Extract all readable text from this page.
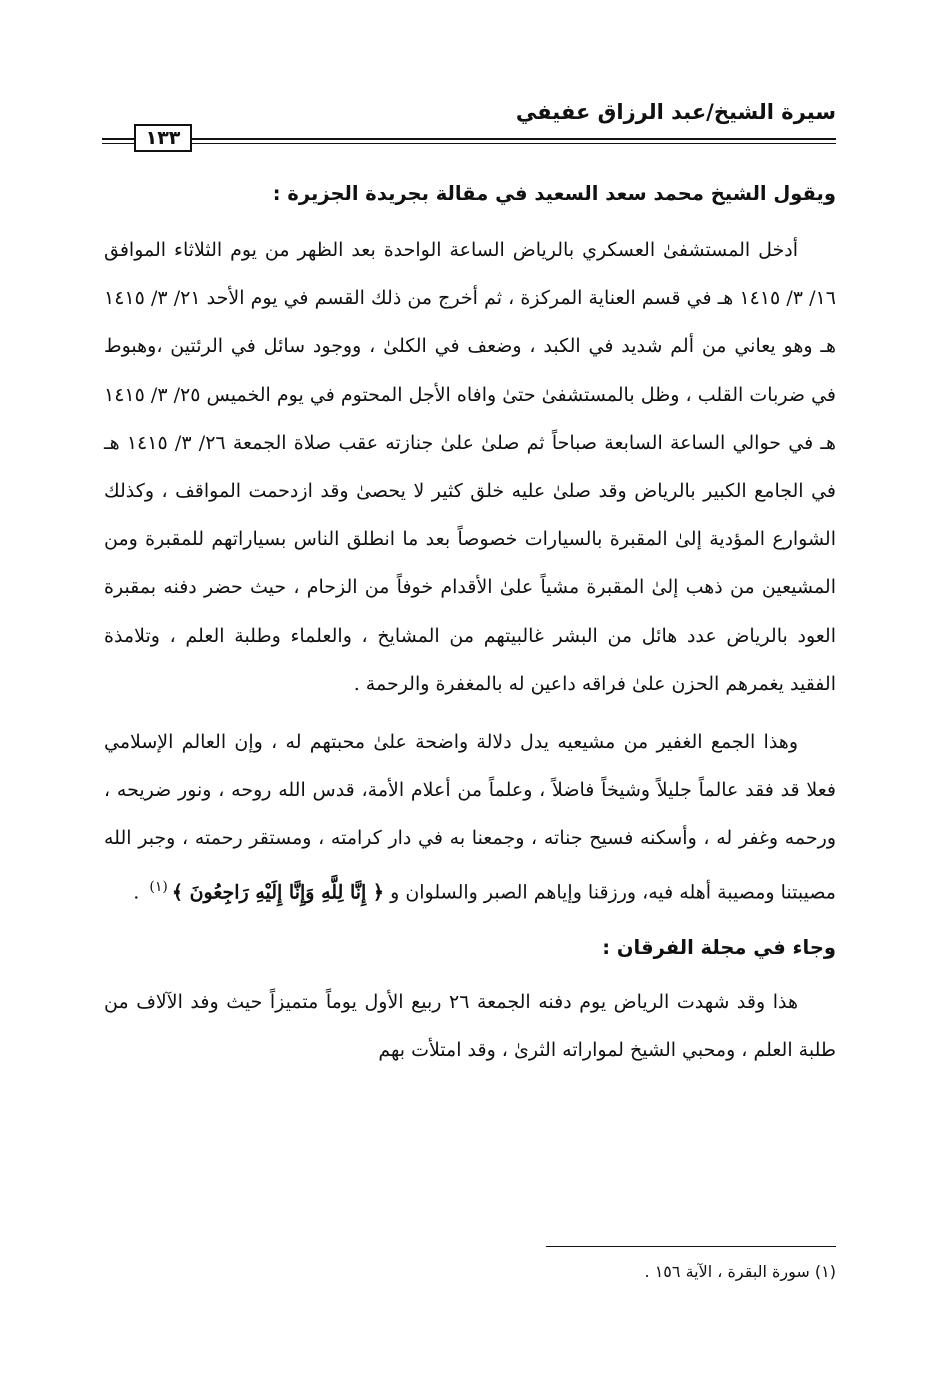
سيرة الشيخ/عبد الرزاق عفيفي
١٣٣

ويقول الشيخ محمد سعد السعيد في مقالة بجريدة الجزيرة :

أدخل المستشفىٰ العسكري بالرياض الساعة الواحدة بعد الظهر من يوم الثلاثاء الموافق ١٦/ ٣/ ١٤١٥ هـ في قسم العناية المركزة ، ثم أخرج من ذلك القسم في يوم الأحد ٢١/ ٣/ ١٤١٥ هـ وهو يعاني من ألم شديد في الكبد ، وضعف في الكلىٰ ، ووجود سائل في الرئتين ،وهبوط في ضربات القلب ، وظل بالمستشفىٰ حتىٰ وافاه الأجل المحتوم في يوم الخميس ٢٥/ ٣/ ١٤١٥ هـ في حوالي الساعة السابعة صباحاً ثم صلىٰ علىٰ جنازته عقب صلاة الجمعة ٢٦/ ٣/ ١٤١٥ هـ في الجامع الكبير بالرياض وقد صلىٰ عليه خلق كثير لا يحصىٰ وقد ازدحمت المواقف ، وكذلك الشوارع المؤدية إلىٰ المقبرة بالسيارات خصوصاً بعد ما انطلق الناس بسياراتهم للمقبرة ومن المشيعين من ذهب إلىٰ المقبرة مشياً علىٰ الأقدام خوفاً من الزحام ، حيث حضر دفنه بمقبرة العود بالرياض عدد هائل من البشر غالبيتهم من المشايخ ، والعلماء وطلبة العلم ، وتلامذة الفقيد يغمرهم الحزن علىٰ فراقه داعين له بالمغفرة والرحمة .

وهذا الجمع الغفير من مشيعيه يدل دلالة واضحة علىٰ محبتهم له ، وإن العالم الإسلامي فعلا قد فقد عالماً جليلاً وشيخاً فاضلاً ، وعلماً من أعلام الأمة، قدس الله روحه ، ونور ضريحه ، ورحمه وغفر له ، وأسكنه فسيح جناته ، وجمعنا به في دار كرامته ، ومستقر رحمته ، وجبر الله مصيبتنا ومصيبة أهله فيه، ورزقنا وإياهم الصبر والسلوان و ﴿ إِنَّا لِلَّهِ وَإِنَّا إِلَيْهِ رَاجِعُونَ ﴾$^{(١)}$ .

وجاء في مجلة الفرقان :

هذا وقد شهدت الرياض يوم دفنه الجمعة ٢٦ ربيع الأول يوماً متميزاً حيث وفد الآلاف من طلبة العلم ، ومحبي الشيخ لمواراته الثرىٰ ، وقد امتلأت بهم

(١) سورة البقرة ، الآية ١٥٦ .
